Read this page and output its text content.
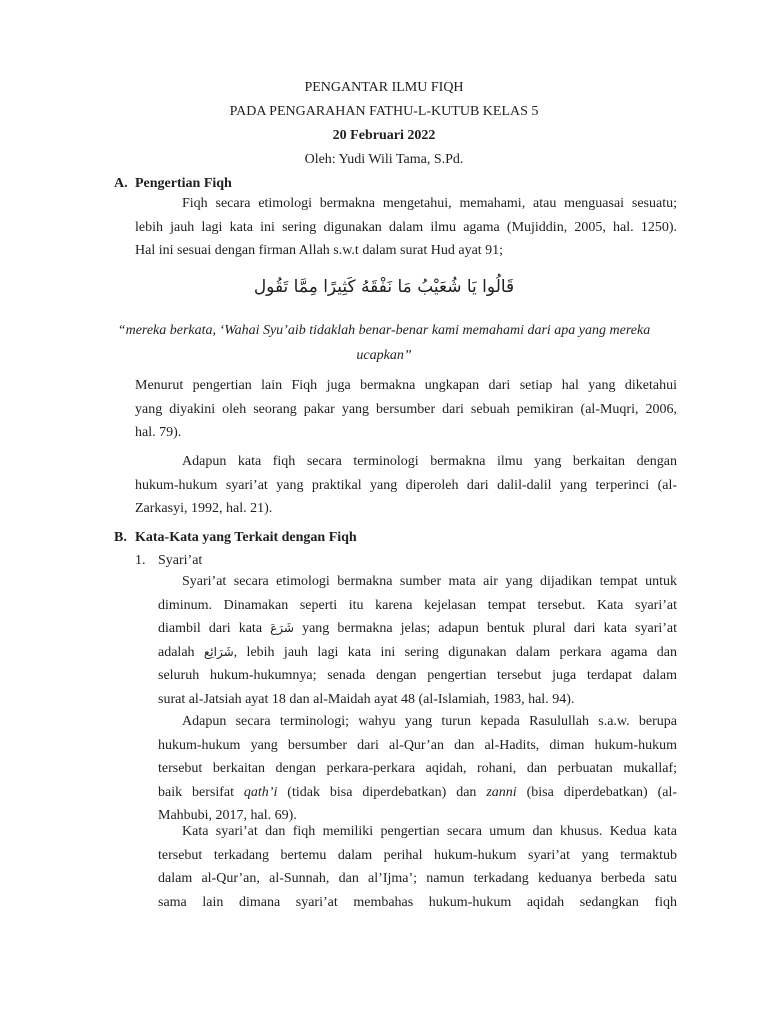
PENGANTAR ILMU FIQH
PADA PENGARAHAN FATHU-L-KUTUB KELAS 5
20 Februari 2022
Oleh: Yudi Wili Tama, S.Pd.
A. Pengertian Fiqh
Fiqh secara etimologi bermakna mengetahui, memahami, atau menguasai sesuatu;
lebih jauh lagi kata ini sering digunakan dalam ilmu agama (Mujiddin, 2005, hal. 1250).
Hal ini sesuai dengan firman Allah s.w.t dalam surat Hud ayat 91;
قَالُوا يَا شُعَيْبُ مَا نَفْقَهُ كَثِيرًا مِمَّا تَقُول
“mereka berkata, ‘Wahai Syu’aib tidaklah benar-benar kami memahami dari apa yang mereka
ucapkan”
Menurut pengertian lain Fiqh juga bermakna ungkapan dari setiap hal yang diketahui
yang diyakini oleh seorang pakar yang bersumber dari sebuah pemikiran (al-Muqri, 2006,
hal. 79).
Adapun kata fiqh secara terminologi bermakna ilmu yang berkaitan dengan
hukum-hukum syari’at yang praktikal yang diperoleh dari dalil-dalil yang terperinci (al-
Zarkasyi, 1992, hal. 21).
B. Kata-Kata yang Terkait dengan Fiqh
1. Syari’at
Syari’at secara etimologi bermakna sumber mata air yang dijadikan tempat untuk
diminum. Dinamakan seperti itu karena kejelasan tempat tersebut. Kata syari’at
diambil dari kata شَرَعَ yang bermakna jelas; adapun bentuk plural dari kata syari’at
adalah شَرَائِع, lebih jauh lagi kata ini sering digunakan dalam perkara agama dan
seluruh hukum-hukumnya; senada dengan pengertian tersebut juga terdapat dalam
surat al-Jatsiah ayat 18 dan al-Maidah ayat 48 (al-Islamiah, 1983, hal. 94).
Adapun secara terminologi; wahyu yang turun kepada Rasulullah s.a.w. berupa
hukum-hukum yang bersumber dari al-Qur’an dan al-Hadits, diman hukum-hukum
tersebut berkaitan dengan perkara-perkara aqidah, rohani, dan perbuatan mukallaf;
baik bersifat qath’i (tidak bisa diperdebatkan) dan zanni (bisa diperdebatkan) (al-
Mahbubi, 2017, hal. 69).
Kata syari’at dan fiqh memiliki pengertian secara umum dan khusus. Kedua kata
tersebut terkadang bertemu dalam perihal hukum-hukum syari’at yang termaktub
dalam al-Qur’an, al-Sunnah, dan al’Ijma’; namun terkadang keduanya berbeda satu
sama lain dimana syari’at membahas hukum-hukum aqidah sedangkan fiqh
